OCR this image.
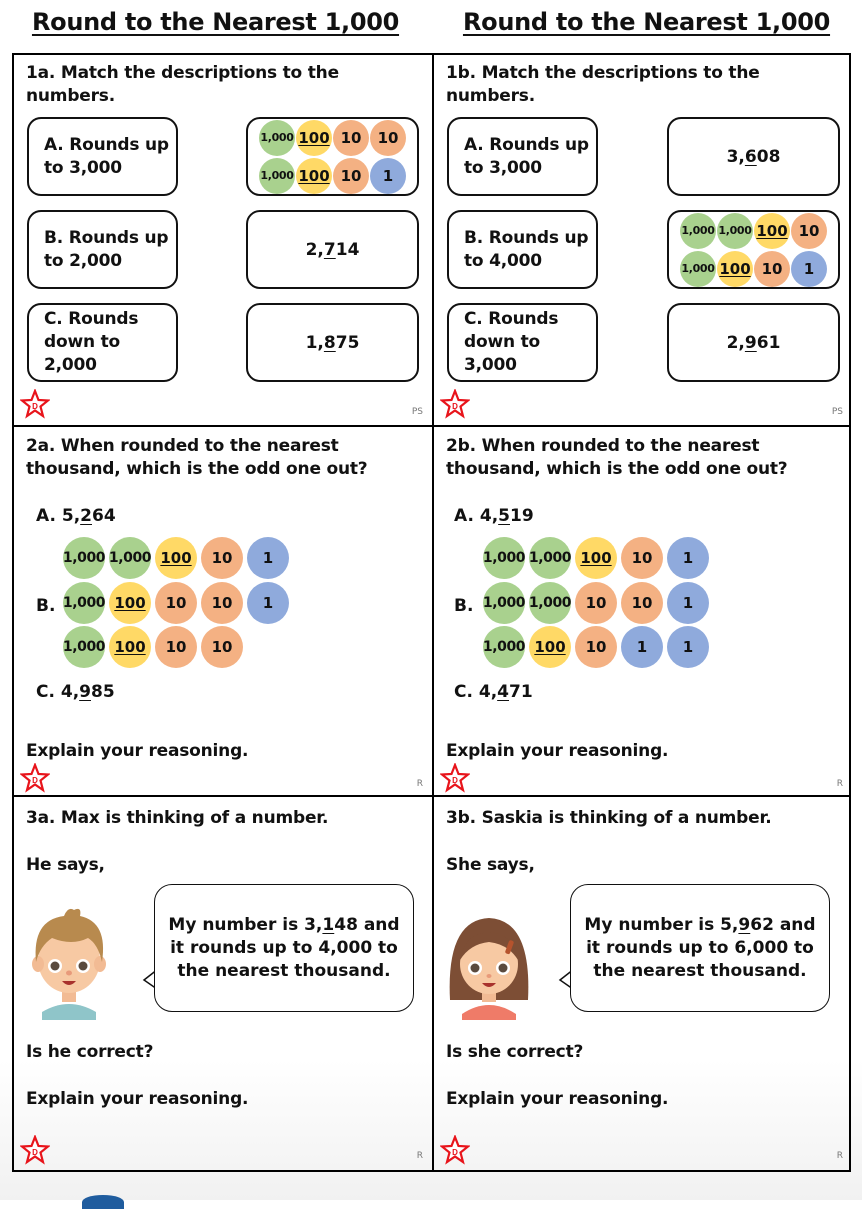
Round to the Nearest 1,000	Round to the Nearest 1,000
1a. Match the descriptions to the
numbers.
A. Rounds up
to 3,000
B. Rounds up
to 2,000
C. Rounds
down to 2,000
1,000 100 10	10
1,000 100 10	1
2, 7 14
1, 8 75
D
PS
1b. Match the descriptions to the
numbers.
A. Rounds up
to 3,000
B. Rounds up
to 4,000
C. Rounds
down to 3,000
3, 6 08
1,000 1,000 100 10
1,000 100 10	1
2, 9 61
D
PS
2a. When rounded to the nearest
thousand, which is the odd one out?
A. 5,264
B.
1,000 1,000 100	10	1
1,000 100	10	10	1
1,000 100	10	10
C. 4,985
Explain your reasoning.
D	R
2b. When rounded to the nearest
thousand, which is the odd one out?
A. 4,519
B.
1,000 1,000 100	10	1
1,000 1,000 10	10	1
1,000 100	10	1	1
C. 4,471
Explain your reasoning.
D	R
3a. Max is thinking of a number.
He says,
My number is 3,148 and
it rounds up to 4,000 to
the nearest thousand.
Is he correct?
Explain your reasoning.
D	R
3b. Saskia is thinking of a number.
She says,
My number is 5,962 and
it rounds up to 6,000 to
the nearest thousand.
Is she correct?
Explain your reasoning.
D	R
